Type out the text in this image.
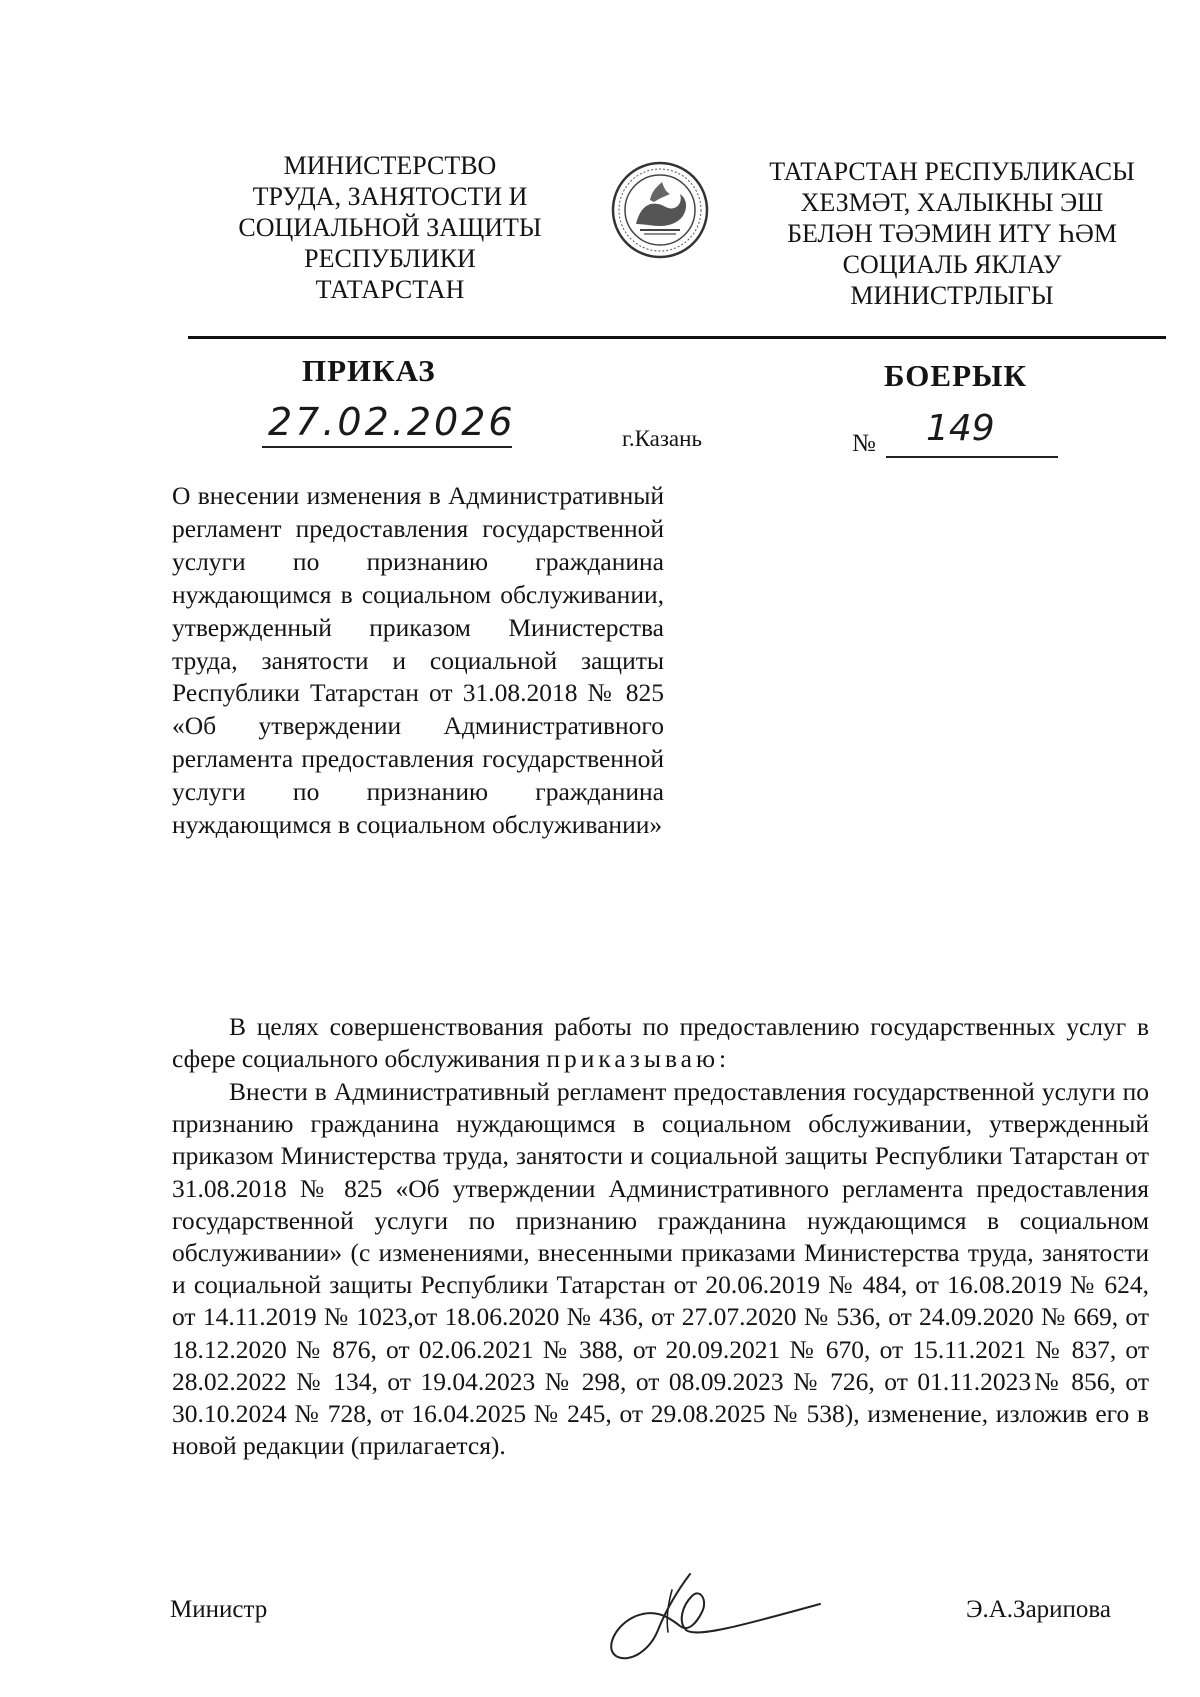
МИНИСТЕРСТВО
ТРУДА, ЗАНЯТОСТИ И
СОЦИАЛЬНОЙ ЗАЩИТЫ
РЕСПУБЛИКИ
ТАТАРСТАН
ТАТАРСТАН РЕСПУБЛИКАСЫ
ХЕЗМӘТ, ХАЛЫКНЫ ЭШ
БЕЛӘН ТӘЭМИН ИТҮ ҺӘМ
СОЦИАЛЬ ЯКЛАУ
МИНИСТРЛЫГЫ
ПРИКАЗ	БОЕРЫК
27.02.2026	г.Казань	№ 149
О внесении изменения в Административный регламент предоставления государственной услуги по признанию гражданина нуждающимся в социальном обслуживании, утвержденный приказом Министерства труда, занятости и социальной защиты Республики Татарстан от 31.08.2018 № 825 «Об утверждении Административного регламента предоставления государственной услуги по признанию гражданина нуждающимся в социальном обслуживании»
В целях совершенствования работы по предоставлению государственных услуг в сфере социального обслуживания приказываю:
Внести в Административный регламент предоставления государственной услуги по признанию гражданина нуждающимся в социальном обслуживании, утвержденный приказом Министерства труда, занятости и социальной защиты Республики Татарстан от 31.08.2018 № 825 «Об утверждении Административного регламента предоставления государственной услуги по признанию гражданина нуждающимся в социальном обслуживании» (с изменениями, внесенными приказами Министерства труда, занятости и социальной защиты Республики Татарстан от 20.06.2019 № 484, от 16.08.2019 № 624, от 14.11.2019 № 1023,от 18.06.2020 № 436, от 27.07.2020 № 536, от 24.09.2020 № 669, от 18.12.2020 № 876, от 02.06.2021 № 388, от 20.09.2021 № 670, от 15.11.2021 № 837, от 28.02.2022 № 134, от 19.04.2023 № 298, от 08.09.2023 № 726, от 01.11.2023№ 856, от 30.10.2024 № 728, от 16.04.2025 № 245, от 29.08.2025 № 538), изменение, изложив его в новой редакции (прилагается).
Министр	Э.А.Зарипова
